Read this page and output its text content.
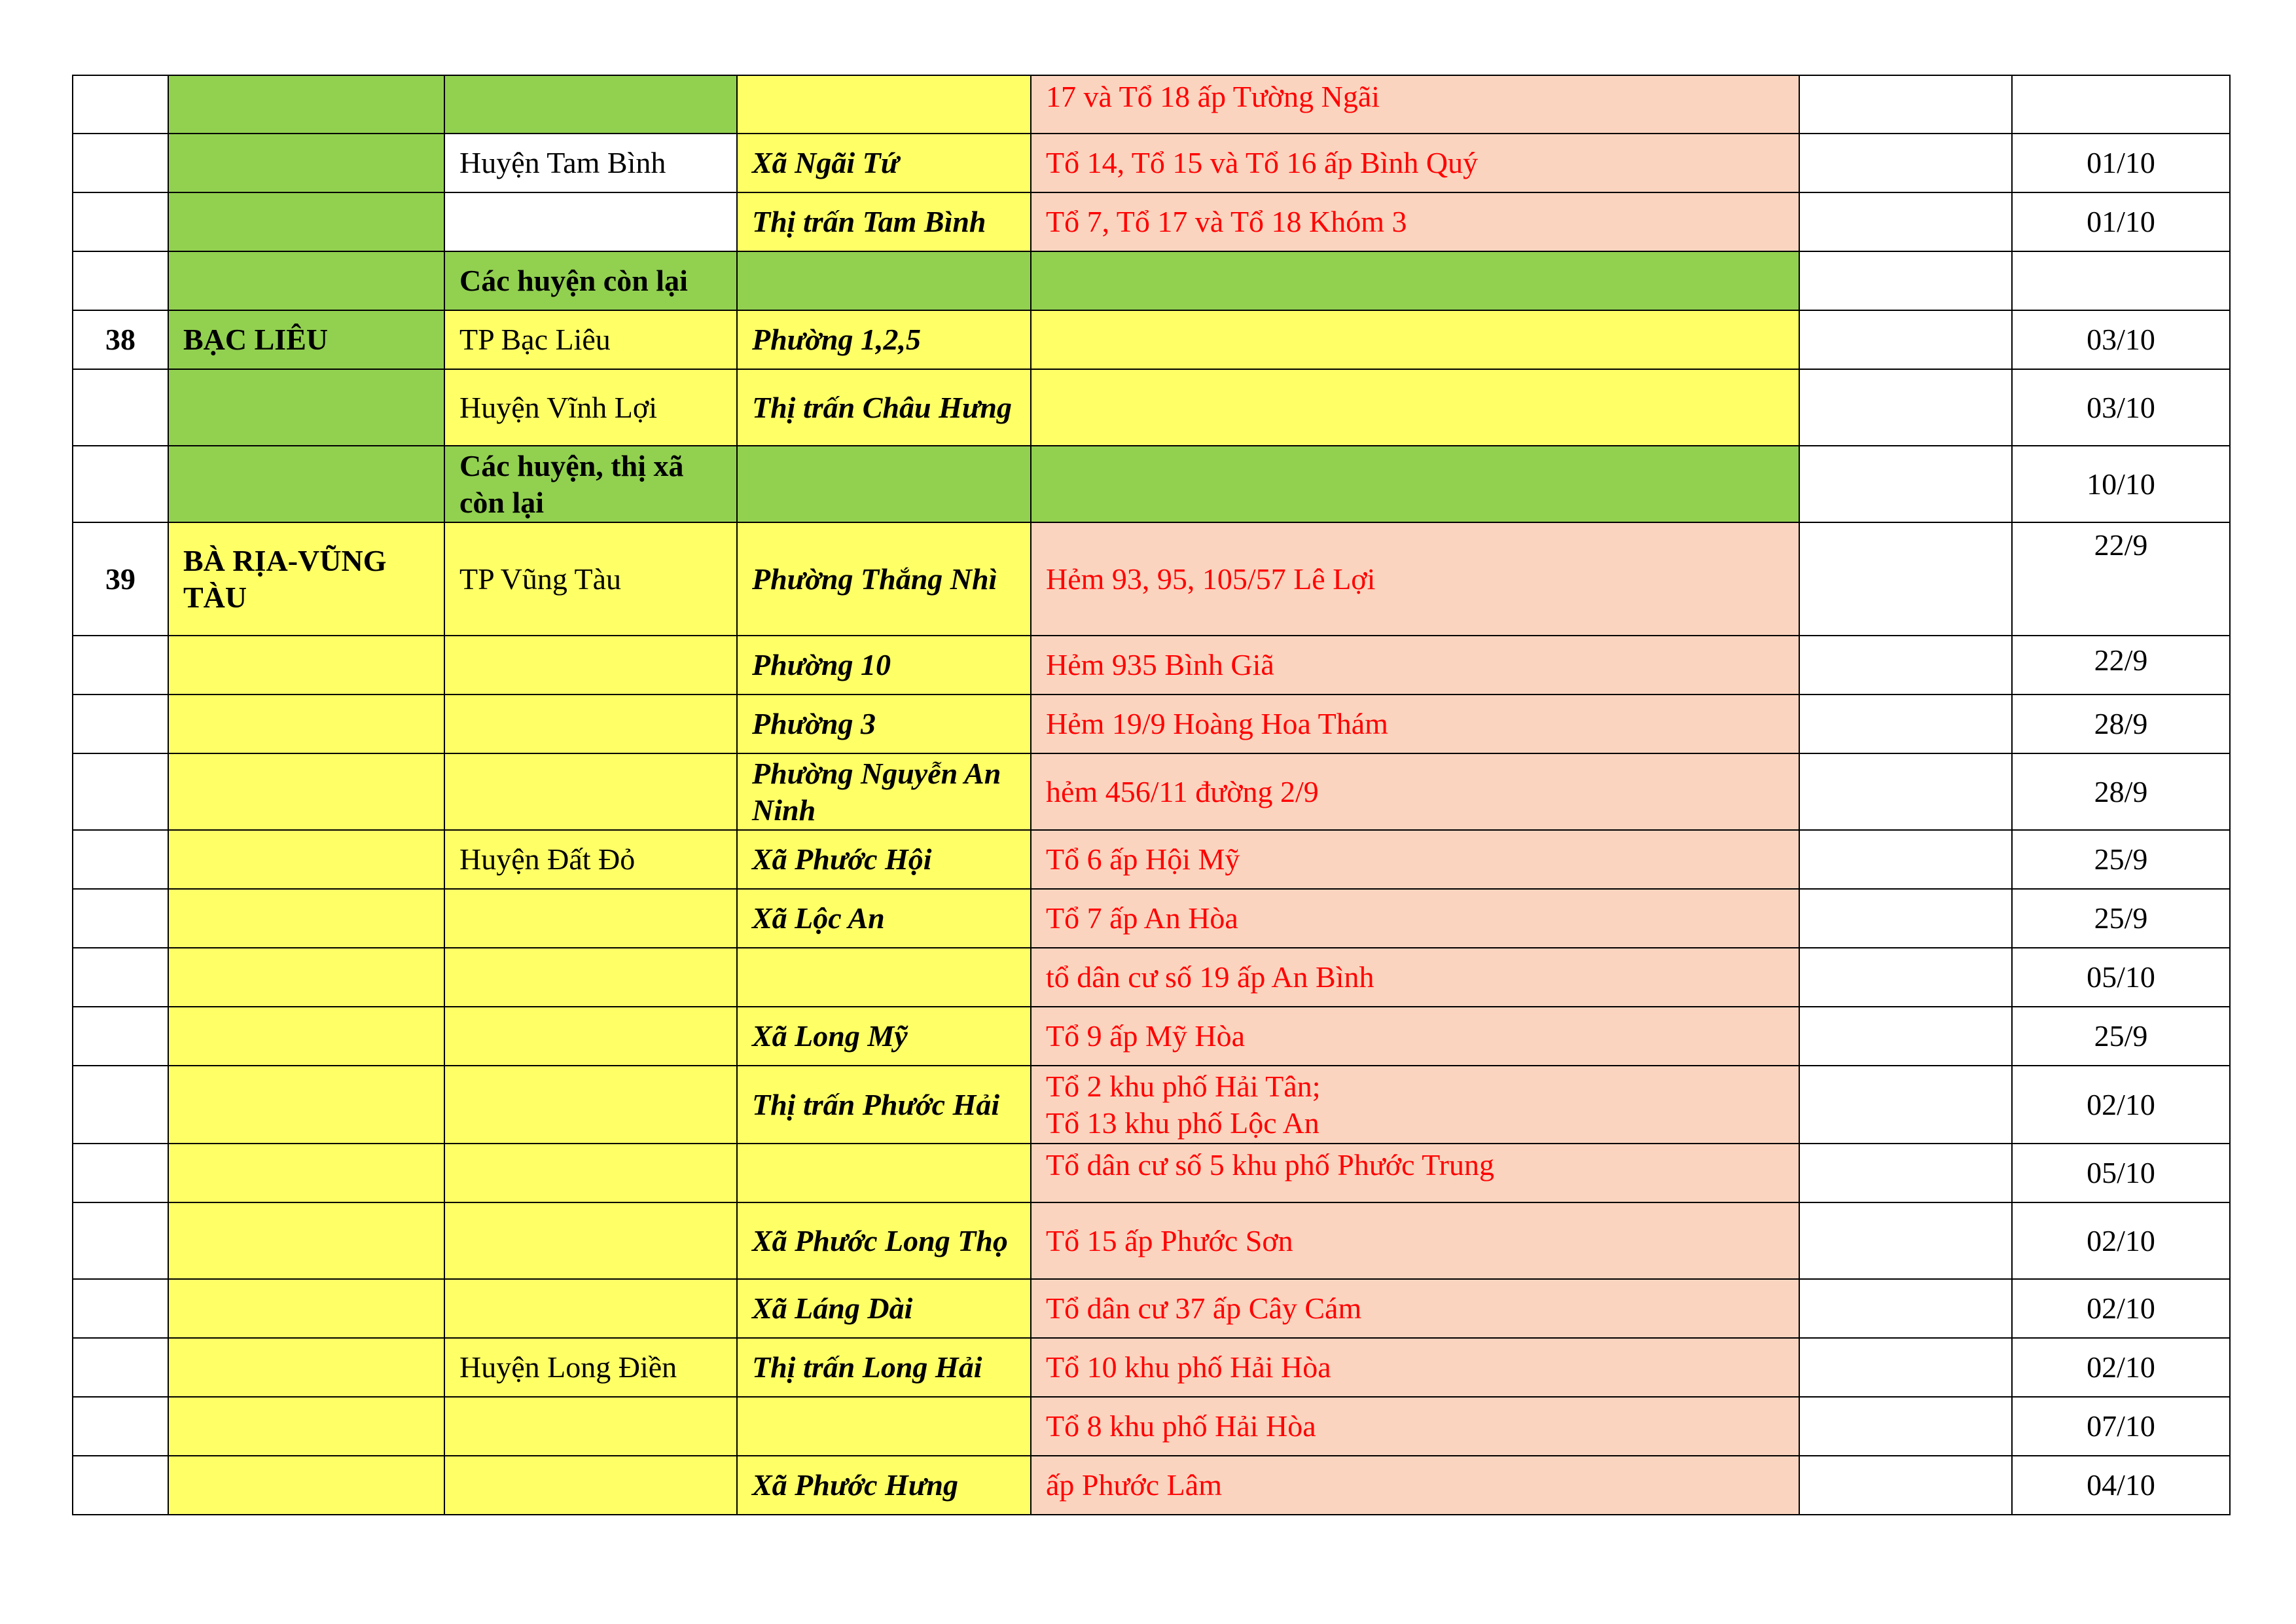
				17 và Tổ 18 ấp Tường Ngãi		
		Huyện Tam Bình	Xã Ngãi Tứ	Tổ 14, Tổ 15 và Tổ 16 ấp Bình Quý		01/10
			Thị trấn Tam Bình	Tổ 7, Tổ 17 và Tổ 18 Khóm 3		01/10
		Các huyện còn lại				
38	BẠC LIÊU	TP Bạc Liêu	Phường 1,2,5			03/10
		Huyện Vĩnh Lợi	Thị trấn Châu Hưng			03/10
		Các huyện, thị xã còn lại				10/10
39	BÀ RỊA-VŨNG TÀU	TP Vũng Tàu	Phường Thắng Nhì	Hẻm 93, 95, 105/57 Lê Lợi		22/9
			Phường 10	Hẻm 935 Bình Giã		22/9
			Phường 3	Hẻm 19/9 Hoàng Hoa Thám		28/9
			Phường Nguyễn An Ninh	hẻm 456/11 đường 2/9		28/9
		Huyện Đất Đỏ	Xã Phước Hội	Tổ 6 ấp Hội Mỹ		25/9
			Xã Lộc An	Tổ 7 ấp An Hòa		25/9
				tổ dân cư số 19 ấp An Bình		05/10
			Xã Long Mỹ	Tổ 9 ấp Mỹ Hòa		25/9
			Thị trấn Phước Hải	Tổ 2 khu phố Hải Tân;
Tổ 13 khu phố Lộc An		02/10
				Tổ dân cư số 5 khu phố Phước Trung		05/10
			Xã Phước Long Thọ	Tổ 15 ấp Phước Sơn		02/10
			Xã Láng Dài	Tổ dân cư 37 ấp Cây Cám		02/10
		Huyện Long Điền	Thị trấn Long Hải	Tổ 10 khu phố Hải Hòa		02/10
				Tổ 8 khu phố Hải Hòa		07/10
			Xã Phước Hưng	ấp Phước Lâm		04/10
